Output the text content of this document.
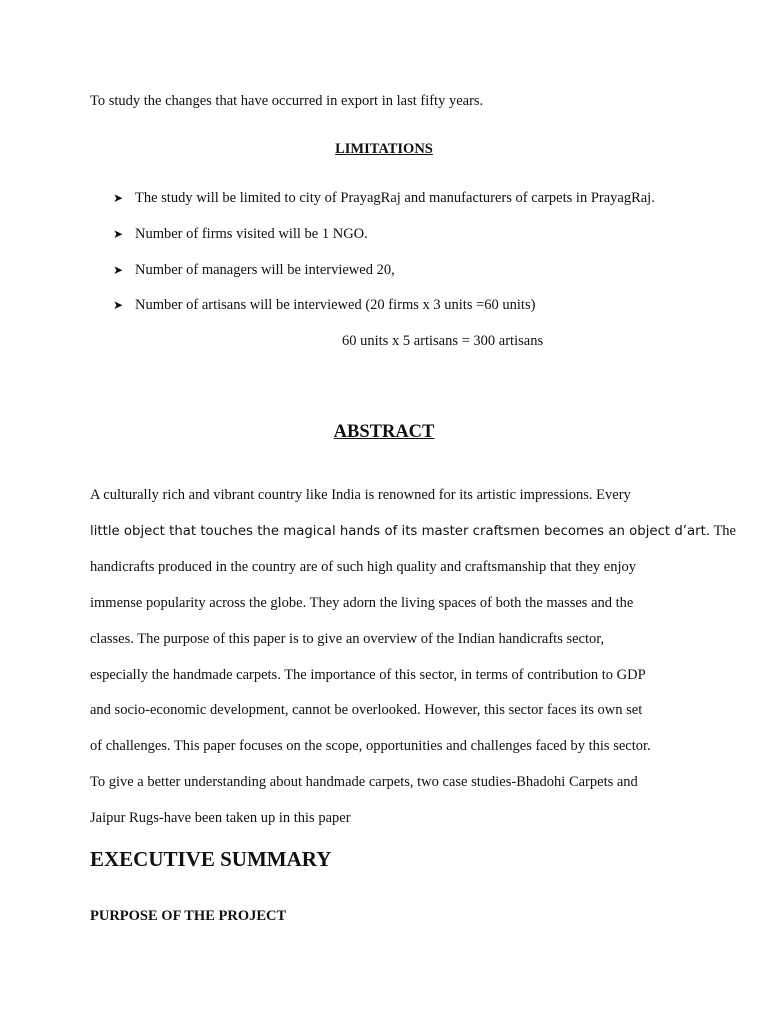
To study the changes that have occurred in export in last fifty years.
LIMITATIONS
➤ The study will be limited to city of PrayagRaj and manufacturers of carpets in PrayagRaj.
➤ Number of firms visited will be 1 NGO.
➤ Number of managers will be interviewed 20,
➤ Number of artisans will be interviewed (20 firms x 3 units =60 units)
60 units x 5 artisans = 300 artisans
ABSTRACT
A culturally rich and vibrant country like India is renowned for its artistic impressions. Every
little object that touches the magical hands of its master craftsmen becomes an object d’art. The
handicrafts produced in the country are of such high quality and craftsmanship that they enjoy
immense popularity across the globe. They adorn the living spaces of both the masses and the
classes. The purpose of this paper is to give an overview of the Indian handicrafts sector,
especially the handmade carpets. The importance of this sector, in terms of contribution to GDP
and socio-economic development, cannot be overlooked. However, this sector faces its own set
of challenges. This paper focuses on the scope, opportunities and challenges faced by this sector.
To give a better understanding about handmade carpets, two case studies-Bhadohi Carpets and
Jaipur Rugs-have been taken up in this paper
EXECUTIVE SUMMARY
PURPOSE OF THE PROJECT
